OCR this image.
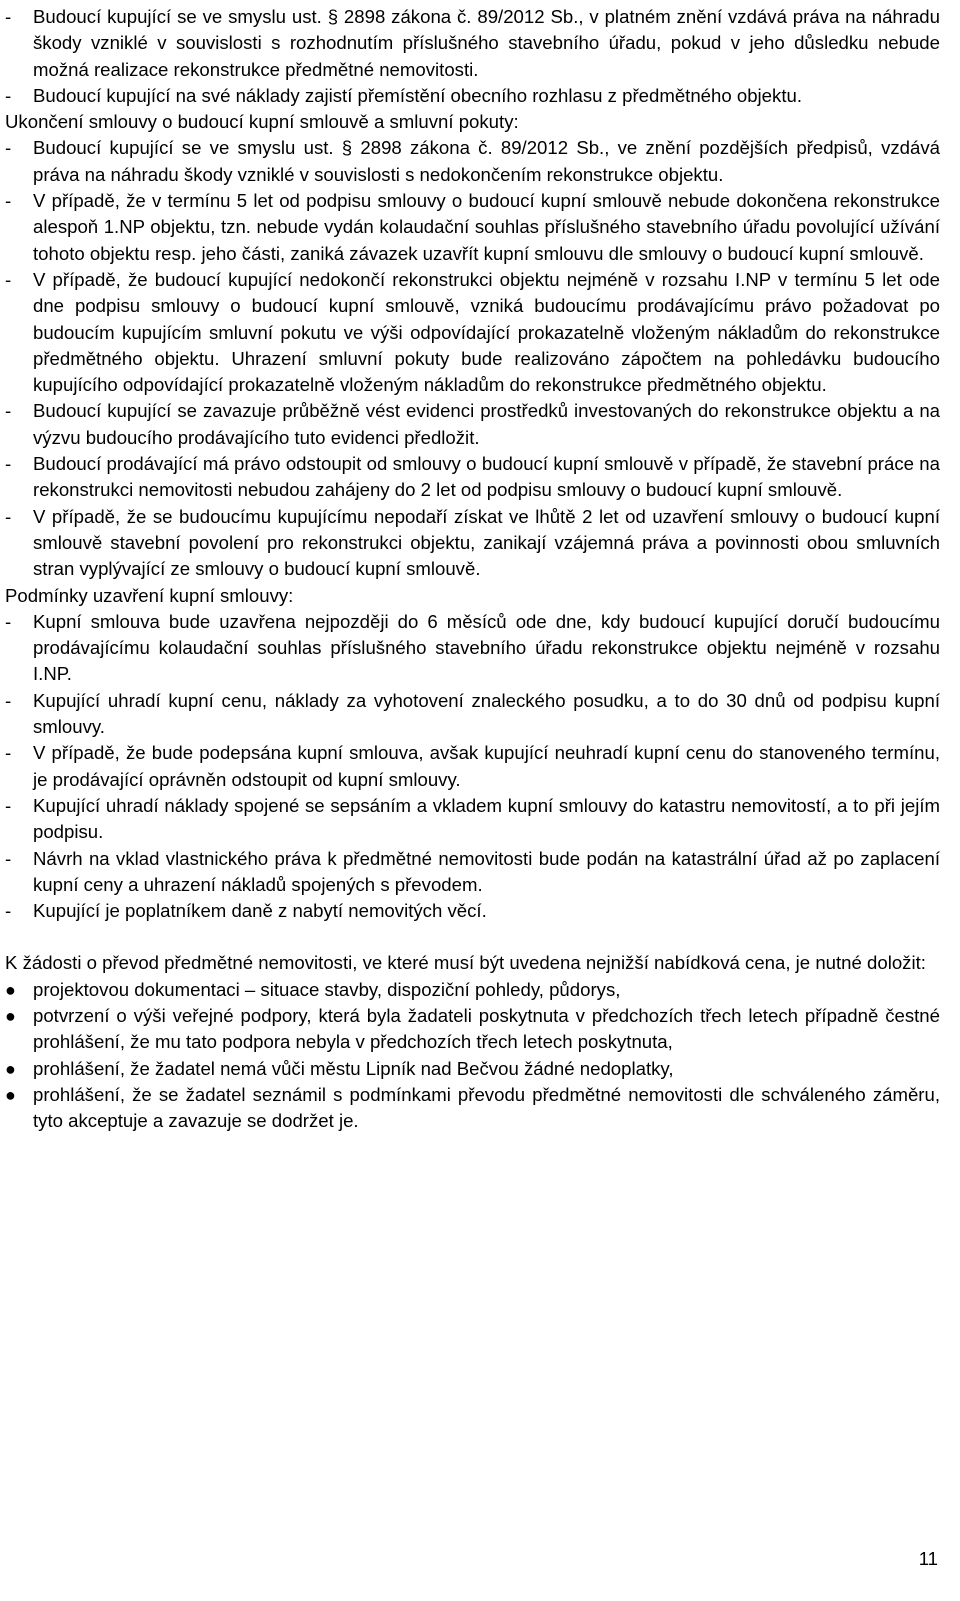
-	Budoucí kupující se ve smyslu ust. § 2898 zákona č. 89/2012 Sb., v platném znění vzdává práva na náhradu škody vzniklé v souvislosti s rozhodnutím příslušného stavebního úřadu, pokud v jeho důsledku nebude možná realizace rekonstrukce předmětné nemovitosti.
-	Budoucí kupující na své náklady zajistí přemístění obecního rozhlasu z předmětného objektu.
Ukončení smlouvy o budoucí kupní smlouvě a smluvní pokuty:
-	Budoucí kupující se ve smyslu ust. § 2898 zákona č. 89/2012 Sb., ve znění pozdějších předpisů, vzdává práva na náhradu škody vzniklé v souvislosti s nedokončením rekonstrukce objektu.
-	V případě, že v termínu 5 let od podpisu smlouvy o budoucí kupní smlouvě nebude dokončena rekonstrukce alespoň 1.NP objektu, tzn. nebude vydán kolaudační souhlas příslušného stavebního úřadu povolující užívání tohoto objektu resp. jeho části, zaniká závazek uzavřít kupní smlouvu dle smlouvy o budoucí kupní smlouvě.
-	V případě, že budoucí kupující nedokončí rekonstrukci objektu nejméně v rozsahu I.NP v termínu 5 let ode dne podpisu smlouvy o budoucí kupní smlouvě, vzniká budoucímu prodávajícímu právo požadovat po budoucím kupujícím smluvní pokutu ve výši odpovídající prokazatelně vloženým nákladům do rekonstrukce předmětného objektu. Uhrazení smluvní pokuty bude realizováno zápočtem na pohledávku budoucího kupujícího odpovídající prokazatelně vloženým nákladům do rekonstrukce předmětného objektu.
-	Budoucí kupující se zavazuje průběžně vést evidenci prostředků investovaných do rekonstrukce objektu a na výzvu budoucího prodávajícího tuto evidenci předložit.
-	Budoucí prodávající má právo odstoupit od smlouvy o budoucí kupní smlouvě v případě, že stavební práce na rekonstrukci nemovitosti nebudou zahájeny do 2 let od podpisu smlouvy o budoucí kupní smlouvě.
-	V případě, že se budoucímu kupujícímu nepodaří získat ve lhůtě 2 let od uzavření smlouvy o budoucí kupní smlouvě stavební povolení pro rekonstrukci objektu, zanikají vzájemná práva a povinnosti obou smluvních stran vyplývající ze smlouvy o budoucí kupní smlouvě.
Podmínky uzavření kupní smlouvy:
-	Kupní smlouva bude uzavřena nejpozději do 6 měsíců ode dne, kdy budoucí kupující doručí budoucímu prodávajícímu kolaudační souhlas příslušného stavebního úřadu rekonstrukce objektu nejméně v rozsahu I.NP.
-	Kupující uhradí kupní cenu, náklady za vyhotovení znaleckého posudku, a to do 30 dnů od podpisu kupní smlouvy.
-	V případě, že bude podepsána kupní smlouva, avšak kupující neuhradí kupní cenu do stanoveného termínu, je prodávající oprávněn odstoupit od kupní smlouvy.
-	Kupující uhradí náklady spojené se sepsáním a vkladem kupní smlouvy do katastru nemovitostí, a to při jejím podpisu.
-	Návrh na vklad vlastnického práva k předmětné nemovitosti bude podán na katastrální úřad až po zaplacení kupní ceny a uhrazení nákladů spojených s převodem.
-	Kupující je poplatníkem daně z nabytí nemovitých věcí.
K žádosti o převod předmětné nemovitosti, ve které musí být uvedena nejnižší nabídková cena, je nutné doložit:
● projektovou dokumentaci – situace stavby, dispoziční pohledy, půdorys,
● potvrzení o výši veřejné podpory, která byla žadateli poskytnuta v předchozích třech letech případně čestné prohlášení, že mu tato podpora nebyla v předchozích třech letech poskytnuta,
● prohlášení, že žadatel nemá vůči městu Lipník nad Bečvou žádné nedoplatky,
● prohlášení, že se žadatel seznámil s podmínkami převodu předmětné nemovitosti dle schváleného záměru, tyto akceptuje a zavazuje se dodržet je.
11
